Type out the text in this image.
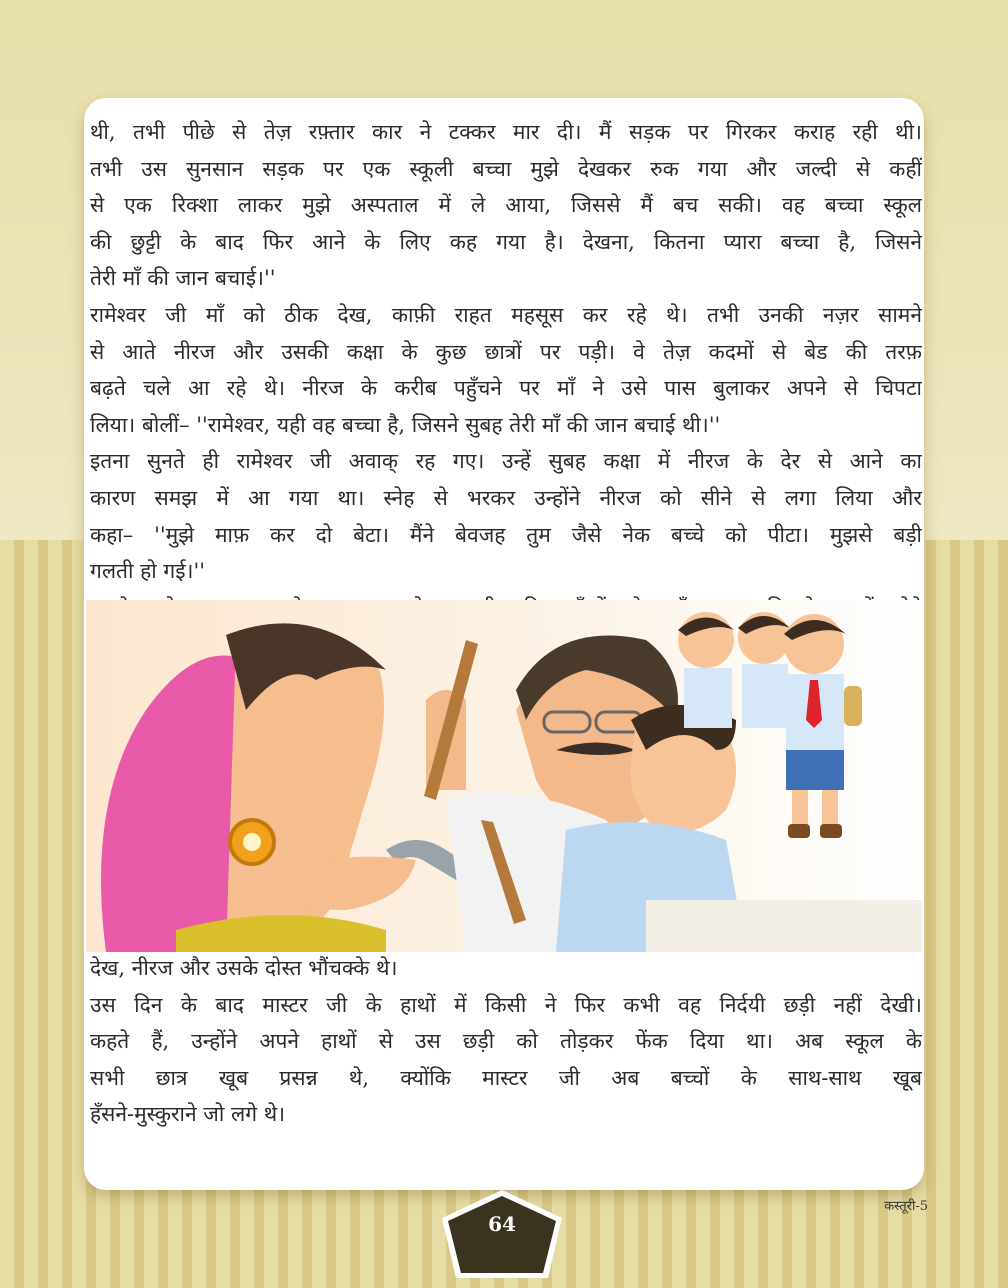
थी, तभी पीछे से तेज़ रफ़्तार कार ने टक्कर मार दी। मैं सड़क पर गिरकर कराह रही थी।
तभी उस सुनसान सड़क पर एक स्कूली बच्चा मुझे देखकर रुक गया और जल्दी से कहीं
से एक रिक्शा लाकर मुझे अस्पताल में ले आया, जिससे मैं बच सकी। वह बच्चा स्कूल
की छुट्टी के बाद फिर आने के लिए कह गया है। देखना, कितना प्यारा बच्चा है, जिसने
तेरी माँ की जान बचाई।''
रामेश्वर जी माँ को ठीक देख, काफ़ी राहत महसूस कर रहे थे। तभी उनकी नज़र सामने
से आते नीरज और उसकी कक्षा के कुछ छात्रों पर पड़ी। वे तेज़ कदमों से बेड की तरफ़
बढ़ते चले आ रहे थे। नीरज के करीब पहुँचने पर माँ ने उसे पास बुलाकर अपने से चिपटा
लिया। बोलीं– ''रामेश्वर, यही वह बच्चा है, जिसने सुबह तेरी माँ की जान बचाई थी।''
इतना सुनते ही रामेश्वर जी अवाक् रह गए। उन्हें सुबह कक्षा में नीरज के देर से आने का
कारण समझ में आ गया था। स्नेह से भरकर उन्होंने नीरज को सीने से लगा लिया और
कहा– ''मुझे माफ़ कर दो बेटा। मैंने बेवजह तुम जैसे नेक बच्चे को पीटा। मुझसे बड़ी
गलती हो गई।''
देख, नीरज और उसके दोस्त भौंचक्के थे।
उस दिन के बाद मास्टर जी के हाथों में किसी ने फिर कभी वह निर्दयी छड़ी नहीं देखी।
कहते हैं, उन्होंने अपने हाथों से उस छड़ी को तोड़कर फेंक दिया था। अब स्कूल के
सभी छात्र खूब प्रसन्न थे, क्योंकि मास्टर जी अब बच्चों के साथ-साथ खूब
हँसने-मुस्कुराने जो लगे थे।
64
कस्तूरी-5
